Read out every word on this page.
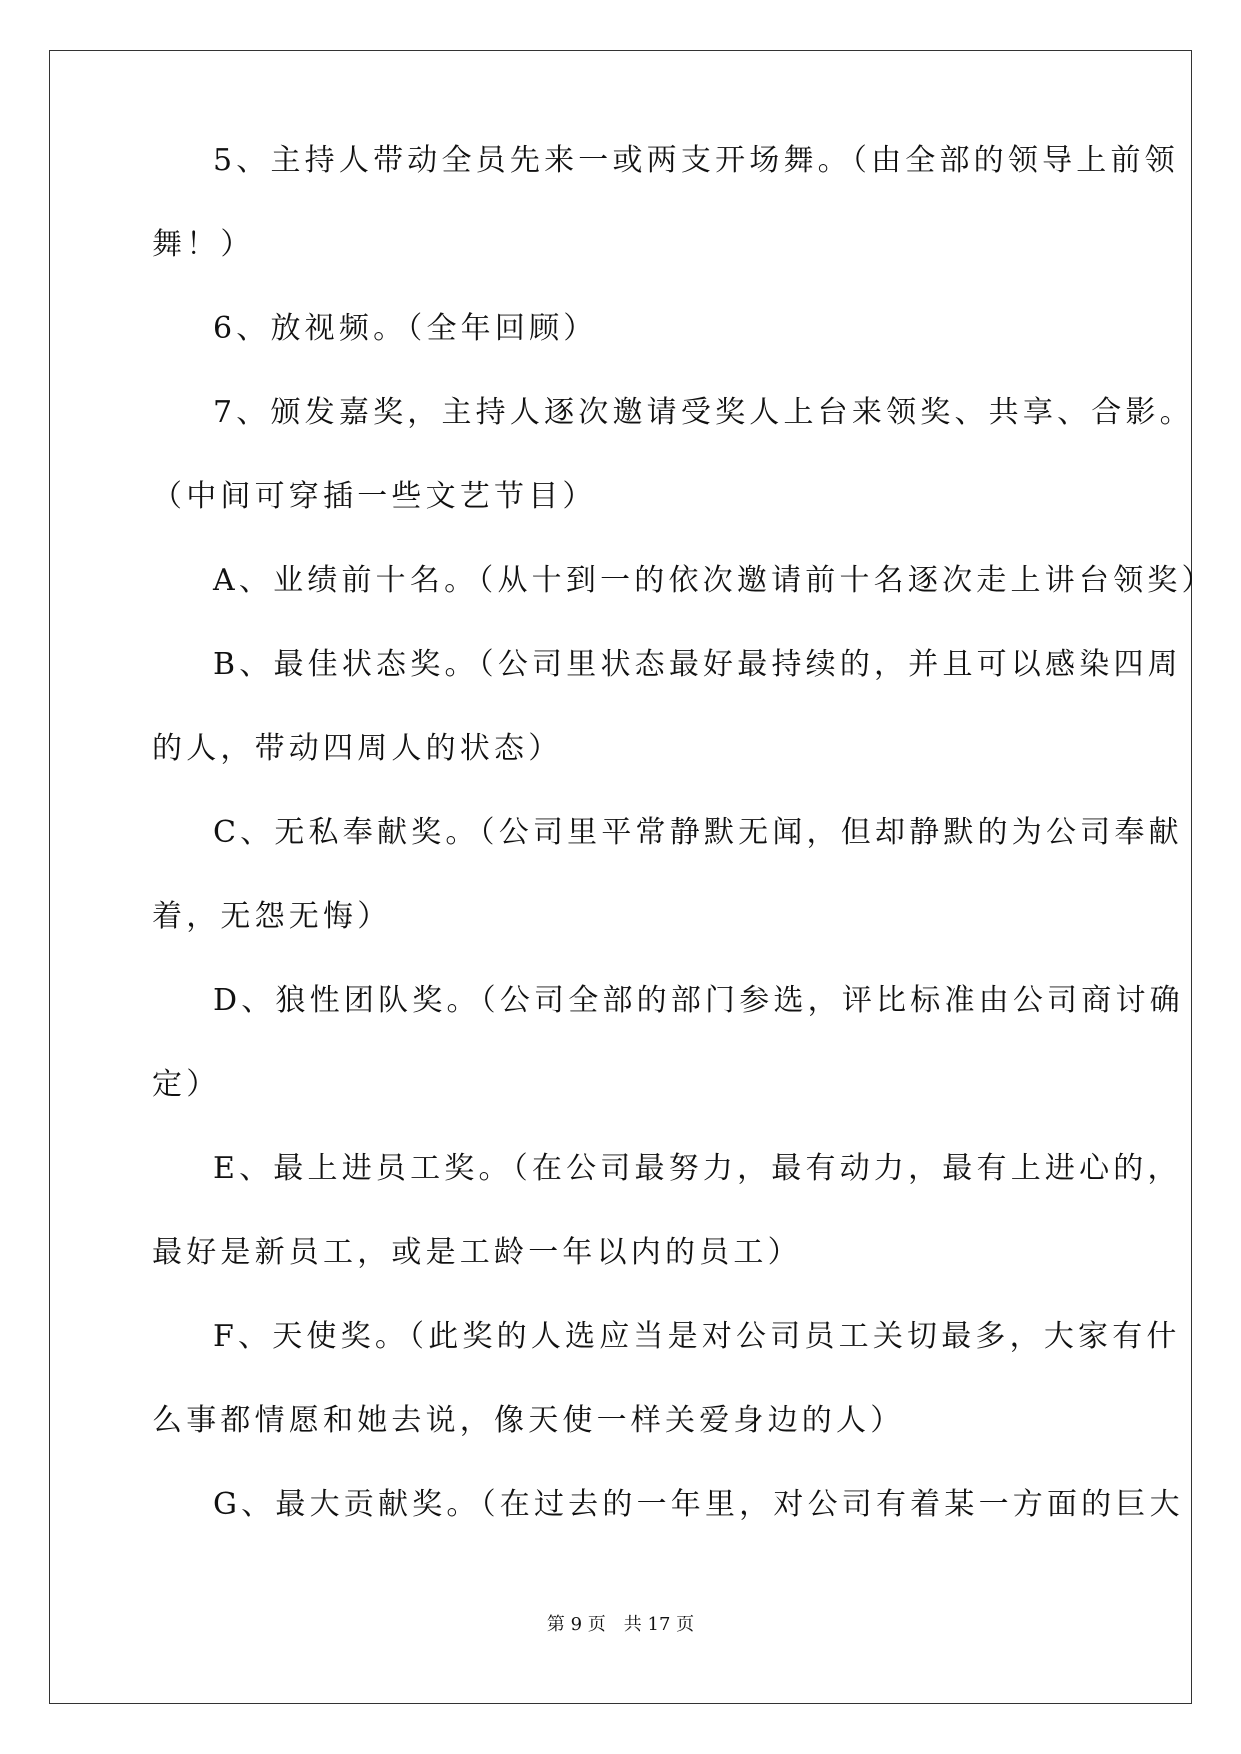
5、主持人带动全员先来一或两支开场舞。（由全部的领导上前领
舞！）
6、放视频。（全年回顾）
7、颁发嘉奖，主持人逐次邀请受奖人上台来领奖、共享、合影。
（中间可穿插一些文艺节目）
A、业绩前十名。（从十到一的依次邀请前十名逐次走上讲台领奖）
B、最佳状态奖。（公司里状态最好最持续的，并且可以感染四周
的人，带动四周人的状态）
C、无私奉献奖。（公司里平常静默无闻，但却静默的为公司奉献
着，无怨无悔）
D、狼性团队奖。（公司全部的部门参选，评比标准由公司商讨确
定）
E、最上进员工奖。（在公司最努力，最有动力，最有上进心的，
最好是新员工，或是工龄一年以内的员工）
F、天使奖。（此奖的人选应当是对公司员工关切最多，大家有什
么事都情愿和她去说，像天使一样关爱身边的人）
G、最大贡献奖。（在过去的一年里，对公司有着某一方面的巨大
第 9 页　共 17 页
